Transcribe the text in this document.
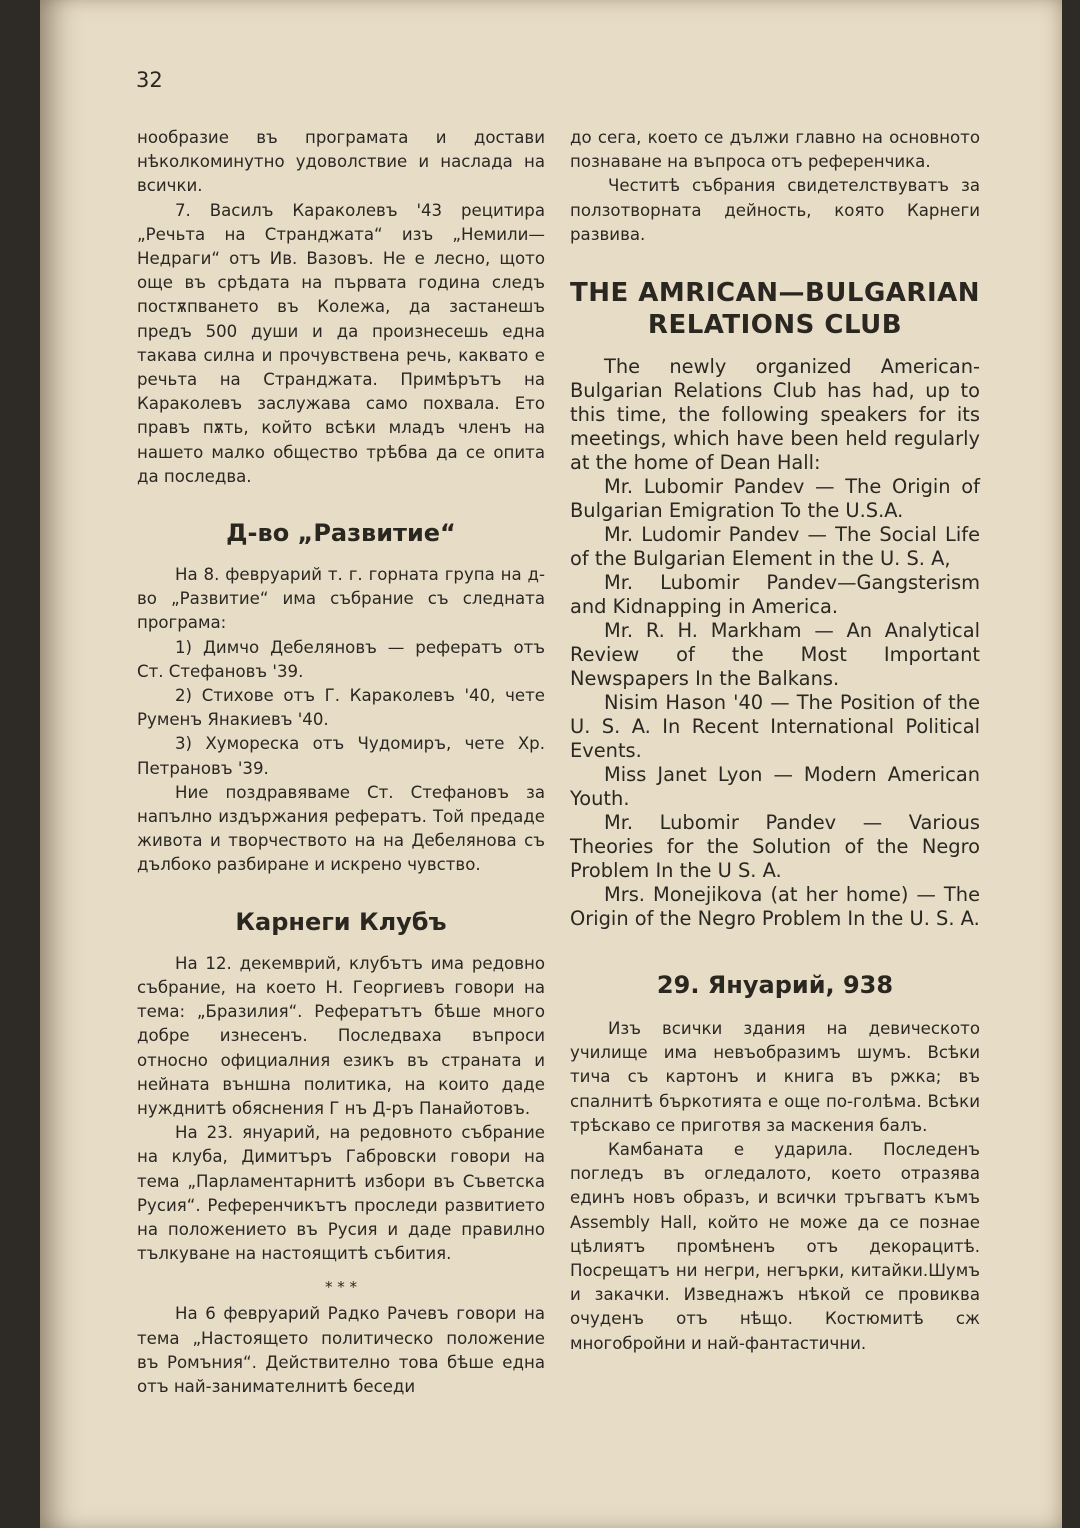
32

нообразие въ програмата и достави нѣколкоминутно удоволствие и наслада на всички.

7. Василъ Караколевъ '43 рецитира „Речьта на Странджата“ изъ „Немили— Недраги“ отъ Ив. Вазовъ. Не е лесно, щото още въ срѣдата на първата година следъ постѫпването въ Колежа, да застанешъ предъ 500 души и да произнесешь една такава силна и прочувствена речь, каквато е речьта на Странджата. Примѣрътъ на Караколевъ заслужава само похвала. Ето правъ пѫть, който всѣки младъ членъ на нашето малко общество трѣбва да се опита да последва.

Д-во „Развитие“

На 8. февруарий т. г. горната група на д-во „Развитие“ има събрание съ следната програма:

1) Димчо Дебеляновъ — рефератъ отъ Ст. Стефановъ '39.

2) Стихове отъ Г. Караколевъ '40, чете Руменъ Янакиевъ '40.

3) Хумореска отъ Чудомиръ, чете Хр. Петрановъ '39.

Ние поздравяваме Ст. Стефановъ за напълно издържания рефератъ. Той предаде живота и творчеството на на Дебелянова съ дълбоко разбиране и искрено чувство.

Карнеги Клубъ

На 12. декемврий, клубътъ има редовно събрание, на което Н. Георгиевъ говори на тема: „Бразилия“. Рефератътъ бѣше много добре изнесенъ. Последваха въпроси относно официалния езикъ въ страната и нейната външна политика, на които даде нужднитѣ обяснения Г нъ Д-ръ Панайотовъ.

На 23. януарий, на редовното събрание на клуба, Димитъръ Габровски говори на тема „Парламентарнитѣ избори въ Съветска Русия“. Референчикътъ проследи развитието на положението въ Русия и даде правилно тълкуване на настоящитѣ събития.

* * *

На 6 февруарий Радко Рачевъ говори на тема „Настоящето политическо положение въ Ромъния“. Действително това бѣше една отъ най-занимателнитѣ беседи

до сега, което се дължи главно на основното познаване на въпроса отъ референчика.

Честитѣ събрания свидетелствуватъ за ползотворната дейность, която Карнеги развива.

THE AMRICAN—BULGARIAN
RELATIONS CLUB

The newly organized American-Bulgarian Relations Club has had, up to this time, the following speakers for its meetings, which have been held regularly at the home of Dean Hall:

Mr. Lubomir Pandev — The Origin of Bulgarian Emigration To the U.S.A.

Mr. Ludomir Pandev — The Social Life of the Bulgarian Element in the U. S. A,

Mr. Lubomir Pandev—Gangsterism and Kidnapping in America.

Mr. R. H. Markham — An Analytical Review of the Most Important Newspapers In the Balkans.

Nisim Hason '40 — The Position of the U. S. A. In Recent International Political Events.

Miss Janet Lyon — Modern American Youth.

Mr. Lubomir Pandev — Various Theories for the Solution of the Negro Problem In the U S. A.

Mrs. Monejikova (at her home) — The Origin of the Negro Problem In the U. S. A.

29. Януарий, 938

Изъ всички здания на девическото училище има невъобразимъ шумъ. Всѣки тича съ картонъ и книга въ ржка; въ спалнитѣ бъркотията е още по-голѣма. Всѣки трѣскаво се приготвя за маскения балъ.

Камбаната е ударила. Последенъ погледъ въ огледалото, което отразява единъ новъ образъ, и всички тръгватъ къмъ Assembly Hall, който не може да се познае цѣлиятъ промѣненъ отъ декорацитѣ. Посрещатъ ни негри, негърки, китайки.Шумъ и закачки. Изведнажъ нѣкой се провиква очуденъ отъ нѣщо. Костюмитѣ сж многобройни и най-фантастични.
